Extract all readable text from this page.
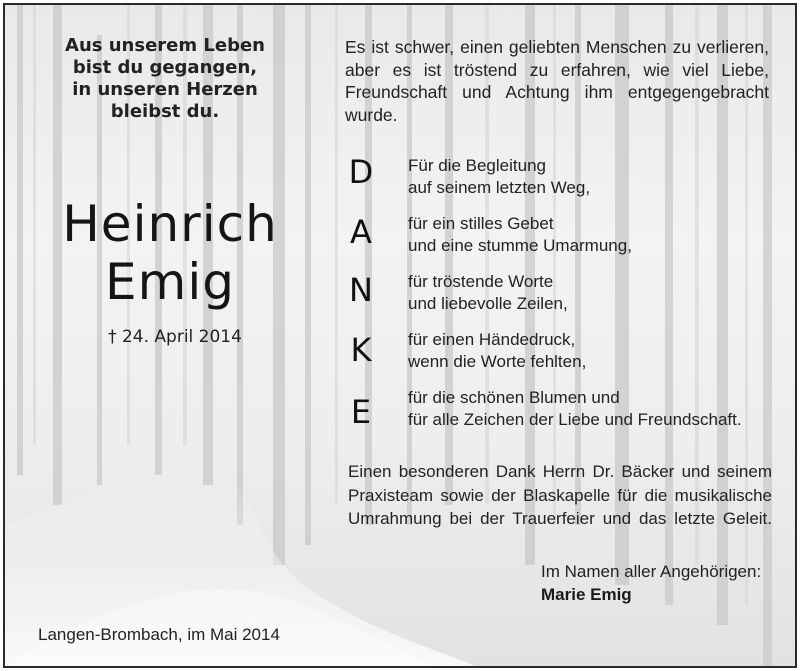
Aus unserem Leben
bist du gegangen,
in unseren Herzen
bleibst du.
Heinrich
Emig
† 24. April 2014
Es ist schwer, einen geliebten Menschen zu verlieren,
aber es ist tröstend zu erfahren, wie viel Liebe,
Freundschaft und Achtung ihm entgegengebracht
wurde.
D
A
N
K
E
Für die Begleitung
auf seinem letzten Weg,
für ein stilles Gebet
und eine stumme Umarmung,
für tröstende Worte
und liebevolle Zeilen,
für einen Händedruck,
wenn die Worte fehlten,
für die schönen Blumen und
für alle Zeichen der Liebe und Freundschaft.
Einen besonderen Dank Herrn Dr. Bäcker und seinem
Praxisteam sowie der Blaskapelle für die musikalische
Umrahmung bei der Trauerfeier und das letzte Geleit.
Im Namen aller Angehörigen:
Marie Emig
Langen-Brombach, im Mai 2014
